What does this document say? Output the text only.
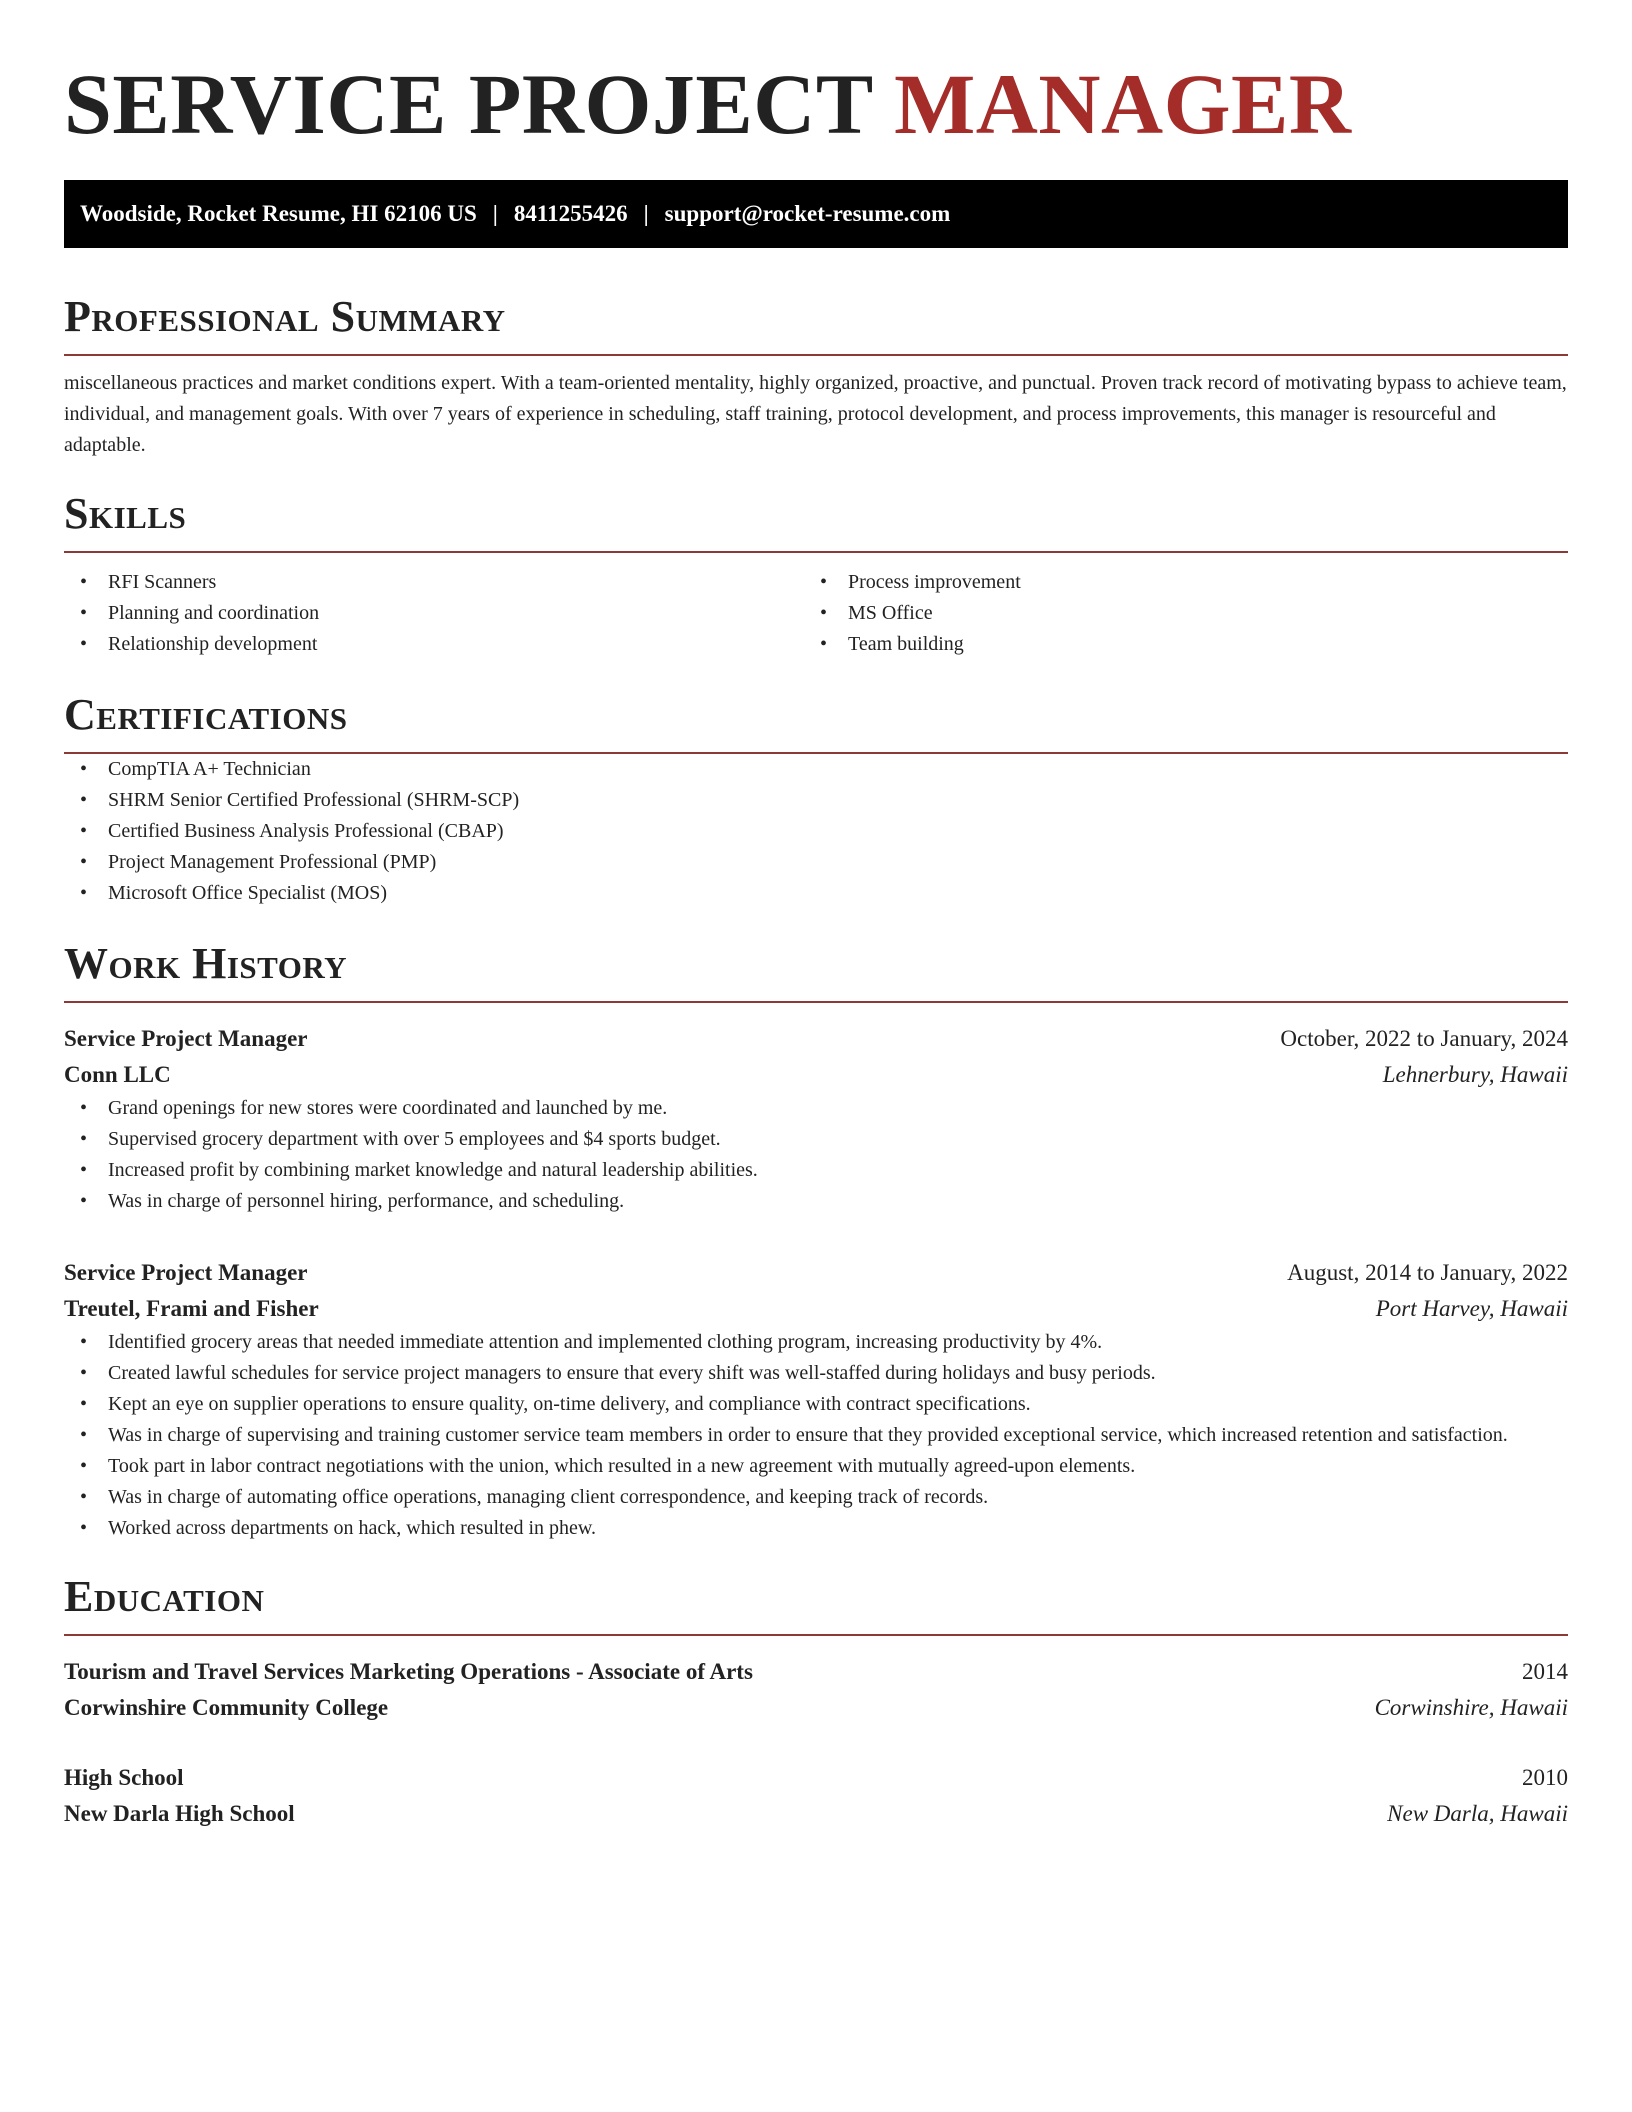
SERVICE PROJECT MANAGER
Woodside, Rocket Resume, HI 62106 US | 8411255426 | support@rocket-resume.com
Professional Summary
miscellaneous practices and market conditions expert. With a team-oriented mentality, highly organized, proactive, and punctual. Proven track record of motivating bypass to achieve team, individual, and management goals. With over 7 years of experience in scheduling, staff training, protocol development, and process improvements, this manager is resourceful and adaptable.
Skills
• RFI Scanners
• Planning and coordination
• Relationship development
• Process improvement
• MS Office
• Team building
Certifications
• CompTIA A+ Technician
• SHRM Senior Certified Professional (SHRM-SCP)
• Certified Business Analysis Professional (CBAP)
• Project Management Professional (PMP)
• Microsoft Office Specialist (MOS)
Work History
Service Project Manager	October, 2022 to January, 2024
Conn LLC	Lehnerbury, Hawaii
• Grand openings for new stores were coordinated and launched by me.
• Supervised grocery department with over 5 employees and $4 sports budget.
• Increased profit by combining market knowledge and natural leadership abilities.
• Was in charge of personnel hiring, performance, and scheduling.
Service Project Manager	August, 2014 to January, 2022
Treutel, Frami and Fisher	Port Harvey, Hawaii
• Identified grocery areas that needed immediate attention and implemented clothing program, increasing productivity by 4%.
• Created lawful schedules for service project managers to ensure that every shift was well-staffed during holidays and busy periods.
• Kept an eye on supplier operations to ensure quality, on-time delivery, and compliance with contract specifications.
• Was in charge of supervising and training customer service team members in order to ensure that they provided exceptional service, which increased retention and satisfaction.
• Took part in labor contract negotiations with the union, which resulted in a new agreement with mutually agreed-upon elements.
• Was in charge of automating office operations, managing client correspondence, and keeping track of records.
• Worked across departments on hack, which resulted in phew.
Education
Tourism and Travel Services Marketing Operations - Associate of Arts	2014
Corwinshire Community College	Corwinshire, Hawaii
High School	2010
New Darla High School	New Darla, Hawaii
